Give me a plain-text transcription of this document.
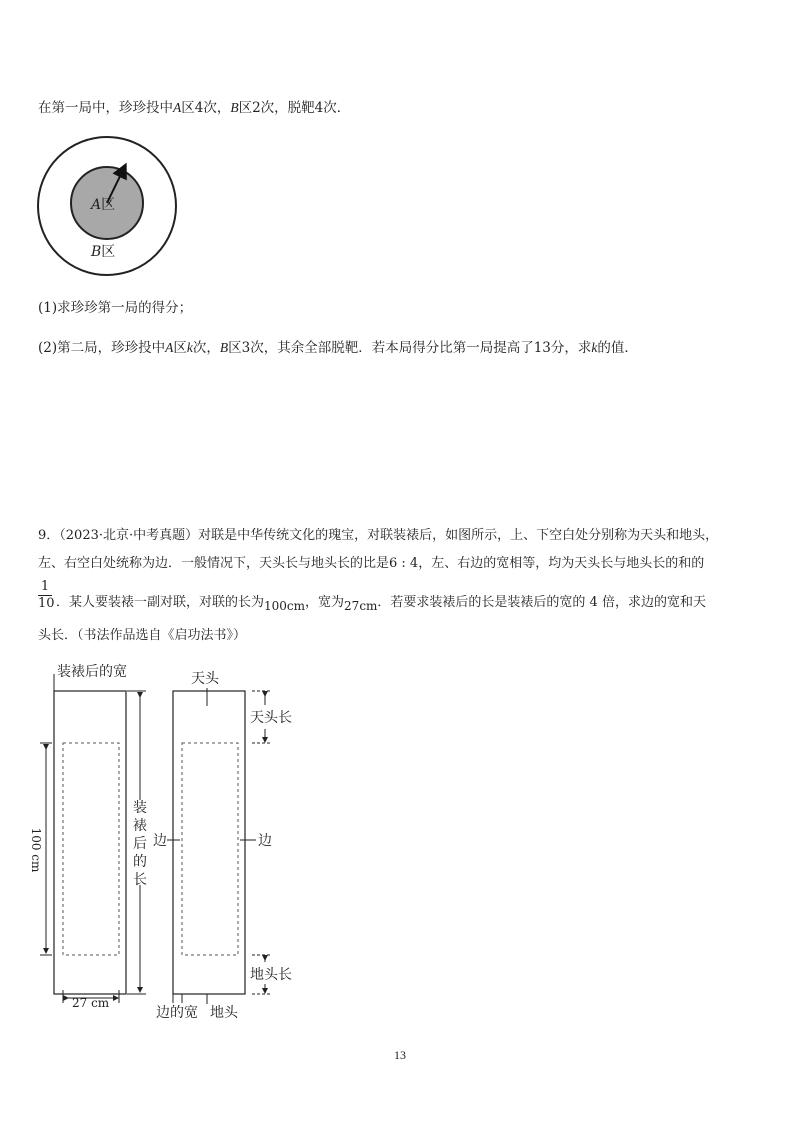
在第一局中，珍珍投中A区4次，B区2次，脱靶4次．
A区
B区
(1)求珍珍第一局的得分；
(2)第二局，珍珍投中A区k次，B区3次，其余全部脱靶．若本局得分比第一局提高了13分，求k的值．
9．（2023·北京·中考真题）对联是中华传统文化的瑰宝，对联装裱后，如图所示，上、下空白处分别称为天头和地头，
左、右空白处统称为边．一般情况下，天头长与地头长的比是6 : 4，左、右边的宽相等，均为天头长与地头长的和的
1
10 ．某人要装裱一副对联，对联的长为100cm，宽为27cm．若要求装裱后的长是装裱后的宽的 4 倍，求边的宽和天
头长．（书法作品选自《启功法书》）
装裱后的宽
100 cm
27 cm
装
裱
后
的
长
天头
天头长
边	边
地头长
边的宽 地头
13
